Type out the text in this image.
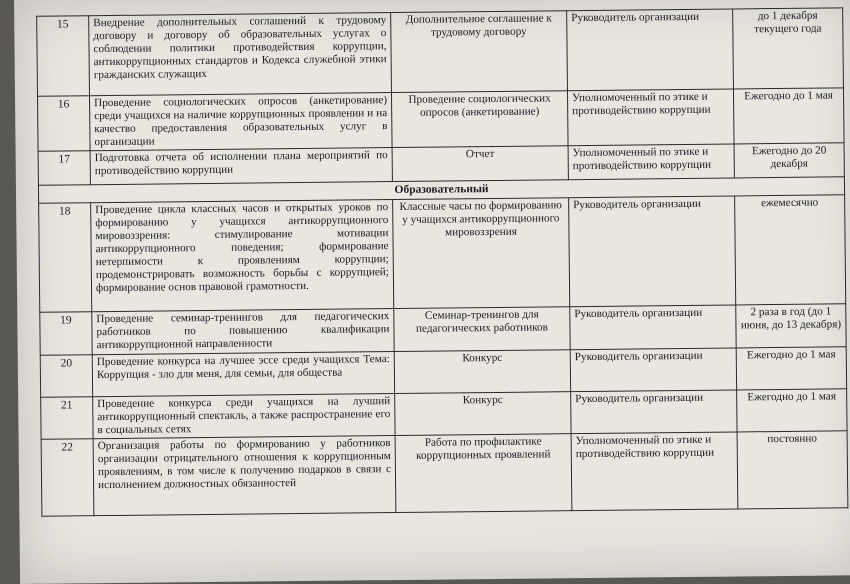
15	Внедрение дополнительных соглашений к трудовому договору и договору об образовательных услугах о соблюдении политики противодействия коррупции, антикоррупционных стандартов и Кодекса служебной этики гражданских служащих	Дополнительное соглашение к трудовому договору	Руководитель организации	до 1 декабря текущего года
16	Проведение социологических опросов (анкетирование) среди учащихся на наличие коррупционных проявлении и на качество предоставления образовательных услуг в организации	Проведение социологических опросов (анкетирование)	Уполномоченный по этике и противодействию коррупции	Ежегодно до 1 мая
17	Подготовка отчета об исполнении плана мероприятий по противодействию коррупции	Отчет	Уполномоченный по этике и противодействию коррупции	Ежегодно до 20 декабря
Образовательный				
18	Проведение цикла классных часов и открытых уроков по формированию у учащихся антикоррупционного мировоззрения: стимулирование мотивации антикоррупционного поведения; формирование нетерпимости к проявлениям коррупции; продемонстрировать возможность борьбы с коррупцией; формирование основ правовой грамотности.	Классные часы по формированию у учащихся антикоррупционного мировоззрения	Руководитель организации	ежемесячно
19	Проведение семинар-тренингов для педагогических работников по повышению квалификации антикоррупционной направленности	Семинар-тренингов для педагогических работников	Руководитель организации	2 раза в год (до 1 июня, до 13 декабря)
20	Проведение конкурса на лучшее эссе среди учащихся Тема: Коррупция - зло для меня, для семьи, для общества	Конкурс	Руководитель организации	Ежегодно до 1 мая
21	Проведение конкурса среди учащихся на лучший антикоррупционный спектакль, а также распространение его в социальных сетях	Конкурс	Руководитель организации	Ежегодно до 1 мая
22	Организация работы по формированию у работников организации отрицательного отношения к коррупционным проявлениям, в том числе к получению подарков в связи с исполнением должностных обязанностей	Работа по профилактике коррупционных проявлений	Уполномоченный по этике и противодействию коррупции	постоянно
